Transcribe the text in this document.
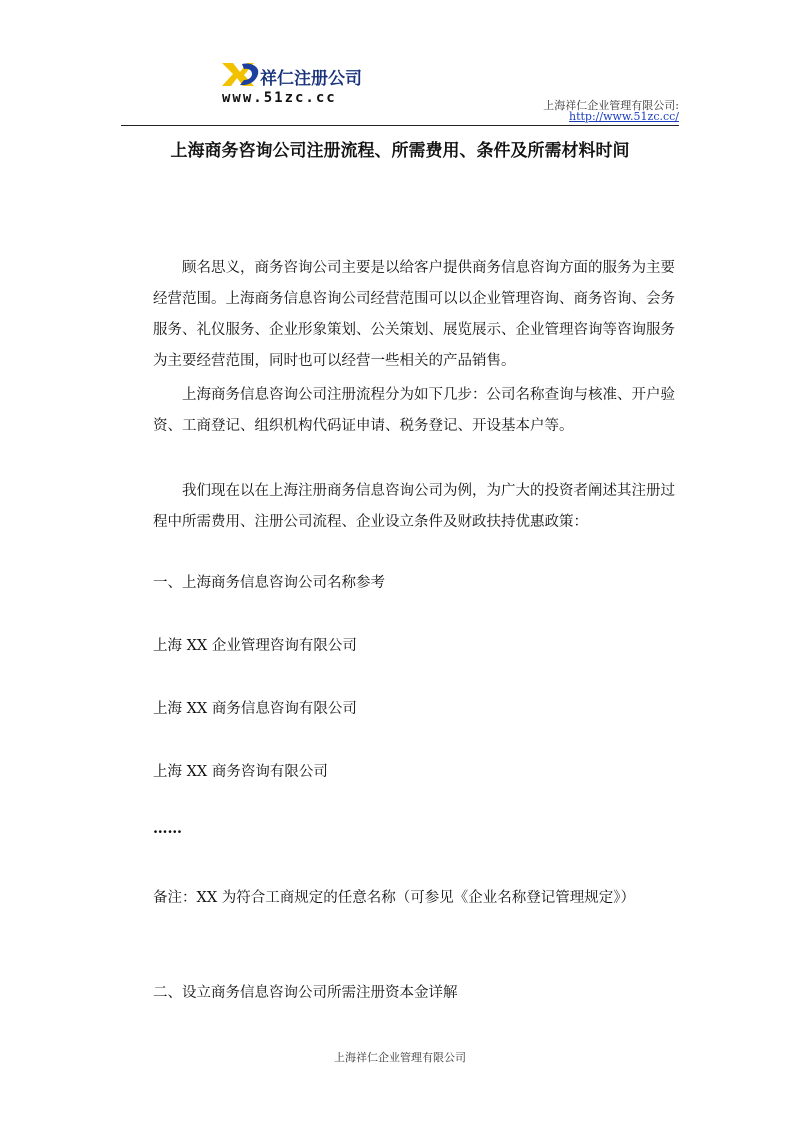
祥仁注册公司
www.51zc.cc	上海祥仁企业管理有限公司:
http://www.51zc.cc/
上海商务咨询公司注册流程、所需费用、条件及所需材料时间
顾名思义，商务咨询公司主要是以给客户提供商务信息咨询方面的服务为主要经营范围。上海商务信息咨询公司经营范围可以以企业管理咨询、商务咨询、会务服务、礼仪服务、企业形象策划、公关策划、展览展示、企业管理咨询等咨询服务为主要经营范围，同时也可以经营一些相关的产品销售。
上海商务信息咨询公司注册流程分为如下几步：公司名称查询与核准、开户验资、工商登记、组织机构代码证申请、税务登记、开设基本户等。
我们现在以在上海注册商务信息咨询公司为例，为广大的投资者阐述其注册过程中所需费用、注册公司流程、企业设立条件及财政扶持优惠政策：
一、上海商务信息咨询公司名称参考
上海 XX 企业管理咨询有限公司
上海 XX 商务信息咨询有限公司
上海 XX 商务咨询有限公司
……
备注：XX 为符合工商规定的任意名称（可参见《企业名称登记管理规定》）
二、设立商务信息咨询公司所需注册资本金详解
上海祥仁企业管理有限公司
